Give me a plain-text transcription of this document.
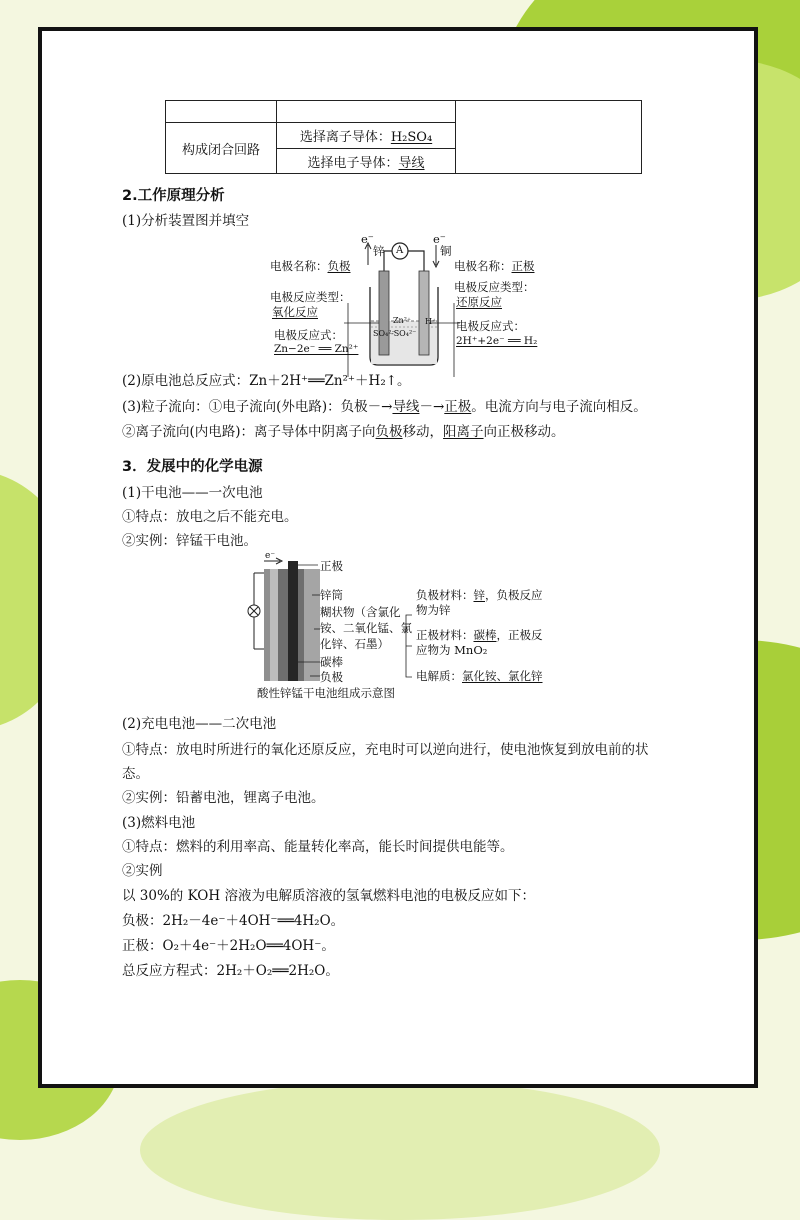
构成闭合回路	选择离子导体：H₂SO₄	
	选择电子导体：导线	
2.工作原理分析
(1)分析装置图并填空
e⁻	e⁻
锌	铜
A
Zn²⁺
SO₄²⁻
-SO₄²⁻
H⁺
电极名称：负极
电极反应类型：
氧化反应
电极反应式：
Zn−2e⁻ ══ Zn²⁺
电极名称：正极
电极反应类型：
还原反应
电极反应式：
2H⁺+2e⁻ ══ H₂
(2)原电池总反应式：Zn＋2H⁺══Zn²⁺＋H₂↑。
(3)粒子流向：①电子流向(外电路)：负极－→导线－→正极。电流方向与电子流向相反。
②离子流向(内电路)：离子导体中阴离子向负极移动，阳离子向正极移动。
3．发展中的化学电源
(1)干电池——一次电池
①特点：放电之后不能充电。
②实例：锌锰干电池。
e⁻
正极
锌筒
糊状物（含氯化
铵、二氧化锰、氯
化锌、石墨）
碳棒
负极
酸性锌锰干电池组成示意图
负极材料：锌，负极反应
物为锌
正极材料：碳棒，正极反
应物为 MnO₂
电解质：氯化铵、氯化锌
(2)充电电池——二次电池
①特点：放电时所进行的氧化还原反应，充电时可以逆向进行，使电池恢复到放电前的状
态。
②实例：铅蓄电池，锂离子电池。
(3)燃料电池
①特点：燃料的利用率高、能量转化率高，能长时间提供电能等。
②实例
以 30%的 KOH 溶液为电解质溶液的氢氧燃料电池的电极反应如下：
负极：2H₂－4e⁻＋4OH⁻══4H₂O。
正极：O₂＋4e⁻＋2H₂O══4OH⁻。
总反应方程式：2H₂＋O₂══2H₂O。
